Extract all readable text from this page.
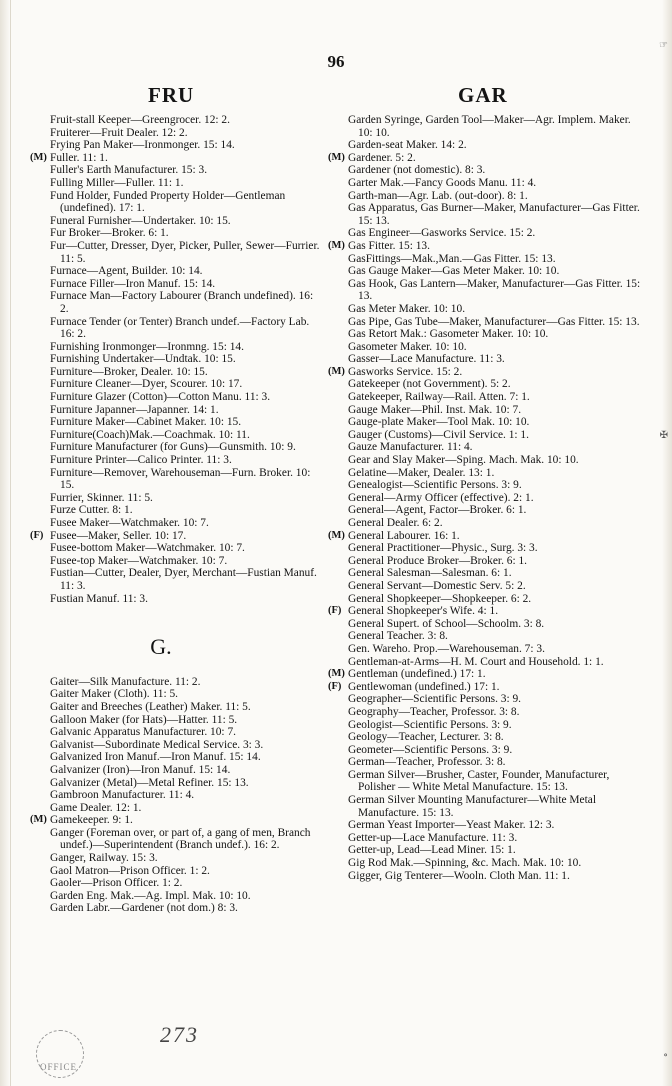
96
FRU	GAR

Fruit-stall Keeper—Greengrocer. 12: 2.

Fruiterer—Fruit Dealer. 12: 2.

Frying Pan Maker—Ironmonger. 15: 14.

(M) Fuller. 11: 1.

Fuller's Earth Manufacturer. 15: 3.

Fulling Miller—Fuller. 11: 1.

Fund Holder, Funded Property Holder—Gentleman (undefined). 17: 1.

Funeral Furnisher—Undertaker. 10: 15.

Fur Broker—Broker. 6: 1.

Fur—Cutter, Dresser, Dyer, Picker, Puller, Sewer—Furrier. 11: 5.

Furnace—Agent, Builder. 10: 14.

Furnace Filler—Iron Manuf. 15: 14.

Furnace Man—Factory Labourer (Branch undefined). 16: 2.

Furnace Tender (or Tenter) Branch undef.—Factory Lab. 16: 2.

Furnishing Ironmonger—Ironmng. 15: 14.

Furnishing Undertaker—Undtak. 10: 15.

Furniture—Broker, Dealer. 10: 15.

Furniture Cleaner—Dyer, Scourer. 10: 17.

Furniture Glazer (Cotton)—Cotton Manu. 11: 3.

Furniture Japanner—Japanner. 14: 1.

Furniture Maker—Cabinet Maker. 10: 15.

Furniture(Coach)Mak.—Coachmak. 10: 11.

Furniture Manufacturer (for Guns)—Gunsmith. 10: 9.

Furniture Printer—Calico Printer. 11: 3.

Furniture—Remover, Warehouseman—Furn. Broker. 10: 15.

Furrier, Skinner. 11: 5.

Furze Cutter. 8: 1.

Fusee Maker—Watchmaker. 10: 7.

(F) Fusee—Maker, Seller. 10: 17.

Fusee-bottom Maker—Watchmaker. 10: 7.

Fusee-top Maker—Watchmaker. 10: 7.

Fustian—Cutter, Dealer, Dyer, Merchant—Fustian Manuf. 11: 3.

Fustian Manuf. 11: 3.

G.

Gaiter—Silk Manufacture. 11: 2.

Gaiter Maker (Cloth). 11: 5.

Gaiter and Breeches (Leather) Maker. 11: 5.

Galloon Maker (for Hats)—Hatter. 11: 5.

Galvanic Apparatus Manufacturer. 10: 7.

Galvanist—Subordinate Medical Service. 3: 3.

Galvanized Iron Manuf.—Iron Manuf. 15: 14.

Galvanizer (Iron)—Iron Manuf. 15: 14.

Galvanizer (Metal)—Metal Refiner. 15: 13.

Gambroon Manufacturer. 11: 4.

Game Dealer. 12: 1.

(M) Gamekeeper. 9: 1.

Ganger (Foreman over, or part of, a gang of men, Branch undef.)—Superintendent (Branch undef.). 16: 2.

Ganger, Railway. 15: 3.

Gaol Matron—Prison Officer. 1: 2.

Gaoler—Prison Officer. 1: 2.

Garden Eng. Mak.—Ag. Impl. Mak. 10: 10.

Garden Labr.—Gardener (not dom.) 8: 3.

Garden Syringe, Garden Tool—Maker—Agr. Implem. Maker. 10: 10.

Garden-seat Maker. 14: 2.

(M) Gardener. 5: 2.

Gardener (not domestic). 8: 3.

Garter Mak.—Fancy Goods Manu. 11: 4.

Garth-man—Agr. Lab. (out-door). 8: 1.

Gas Apparatus, Gas Burner—Maker, Manufacturer—Gas Fitter. 15: 13.

Gas Engineer—Gasworks Service. 15: 2.

(M) Gas Fitter. 15: 13.

GasFittings—Mak.,Man.—Gas Fitter. 15: 13.

Gas Gauge Maker—Gas Meter Maker. 10: 10.

Gas Hook, Gas Lantern—Maker, Manufacturer—Gas Fitter. 15: 13.

Gas Meter Maker. 10: 10.

Gas Pipe, Gas Tube—Maker, Manufacturer—Gas Fitter. 15: 13.

Gas Retort Mak.: Gasometer Maker. 10: 10.

Gasometer Maker. 10: 10.

Gasser—Lace Manufacture. 11: 3.

(M) Gasworks Service. 15: 2.

Gatekeeper (not Government). 5: 2.

Gatekeeper, Railway—Rail. Atten. 7: 1.

Gauge Maker—Phil. Inst. Mak. 10: 7.

Gauge-plate Maker—Tool Mak. 10: 10.

Gauger (Customs)—Civil Service. 1: 1.

Gauze Manufacturer. 11: 4.

Gear and Slay Maker—Sping. Mach. Mak. 10: 10.

Gelatine—Maker, Dealer. 13: 1.

Genealogist—Scientific Persons. 3: 9.

General—Army Officer (effective). 2: 1.

General—Agent, Factor—Broker. 6: 1.

General Dealer. 6: 2.

(M) General Labourer. 16: 1.

General Practitioner—Physic., Surg. 3: 3.

General Produce Broker—Broker. 6: 1.

General Salesman—Salesman. 6: 1.

General Servant—Domestic Serv. 5: 2.

General Shopkeeper—Shopkeeper. 6: 2.

(F) General Shopkeeper's Wife. 4: 1.

General Supert. of School—Schoolm. 3: 8.

General Teacher. 3: 8.

Gen. Wareho. Prop.—Warehouseman. 7: 3.

Gentleman-at-Arms—H. M. Court and Household. 1: 1.

(M) Gentleman (undefined.) 17: 1.

(F) Gentlewoman (undefined.) 17: 1.

Geographer—Scientific Persons. 3: 9.

Geography—Teacher, Professor. 3: 8.

Geologist—Scientific Persons. 3: 9.

Geology—Teacher, Lecturer. 3: 8.

Geometer—Scientific Persons. 3: 9.

German—Teacher, Professor. 3: 8.

German Silver—Brusher, Caster, Founder, Manufacturer, Polisher — White Metal Manufacture. 15: 13.

German Silver Mounting Manufacturer—White Metal Manufacture. 15: 13.

German Yeast Importer—Yeast Maker. 12: 3.

Getter-up—Lace Manufacture. 11: 3.

Getter-up, Lead—Lead Miner. 15: 1.

Gig Rod Mak.—Spinning, &c. Mach. Mak. 10: 10.

Gigger, Gig Tenterer—Wooln. Cloth Man. 11: 1.

OFFICE
273
☞
✠
∘
